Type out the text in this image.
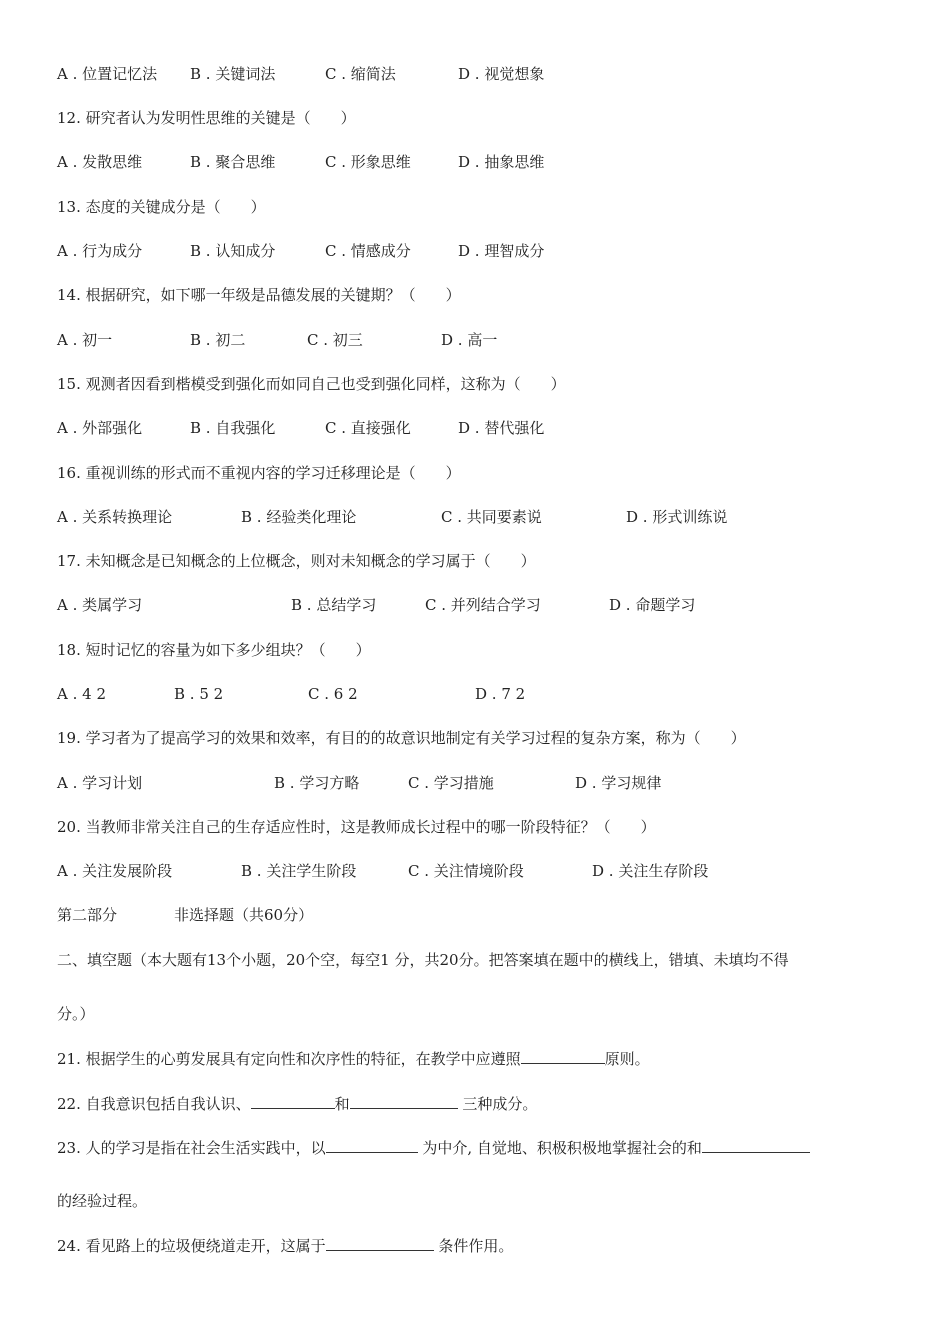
A . 位置记忆法 B . 关键词法	C . 缩简法	D . 视觉想象
12. 研究者认为发明性思维的关键是（　　）
A . 发散思维	B . 聚合思维	C . 形象思维	D . 抽象思维
13. 态度的关键成分是（　　）
A . 行为成分	B . 认知成分	C . 情感成分	D . 理智成分
14. 根据研究，如下哪一年级是品德发展的关键期？（　　）
A . 初一	B . 初二	C . 初三	D . 高一
15. 观测者因看到楷模受到强化而如同自己也受到强化同样，这称为（　　）
A . 外部强化	B . 自我强化	C . 直接强化	D . 替代强化
16. 重视训练的形式而不重视内容的学习迁移理论是（　　）
A . 关系转换理论	B . 经验类化理论	C . 共同要素说	D . 形式训练说
17. 未知概念是已知概念的上位概念，则对未知概念的学习属于（　　）
A . 类属学习	B . 总结学习	C . 并列结合学习	D . 命题学习
18. 短时记忆的容量为如下多少组块？（　　）
A . 4 2	B . 5 2	C . 6 2	D . 7 2
19. 学习者为了提高学习的效果和效率，有目的的故意识地制定有关学习过程的复杂方案，称为（　　）
A . 学习计划	B . 学习方略	C . 学习措施	D . 学习规律
20. 当教师非常关注自己的生存适应性时，这是教师成长过程中的哪一阶段特征？（　　）
A . 关注发展阶段	B . 关注学生阶段	C . 关注情境阶段	D . 关注生存阶段
第二部分	非选择题（共60分）
二、填空题（本大题有13个小题，20个空，每空1 分，共20分。把答案填在题中的横线上，错填、未填均不得
分。）
21. 根据学生的心剪发展具有定向性和次序性的特征，在教学中应遵照	原则。
22. 自我意识包括自我认识、	和	三种成分。
23. 人的学习是指在社会生活实践中，以	为中介, 自觉地、积极积极地掌握社会的和
的经验过程。
24. 看见路上的垃圾便绕道走开，这属于	条件作用。
